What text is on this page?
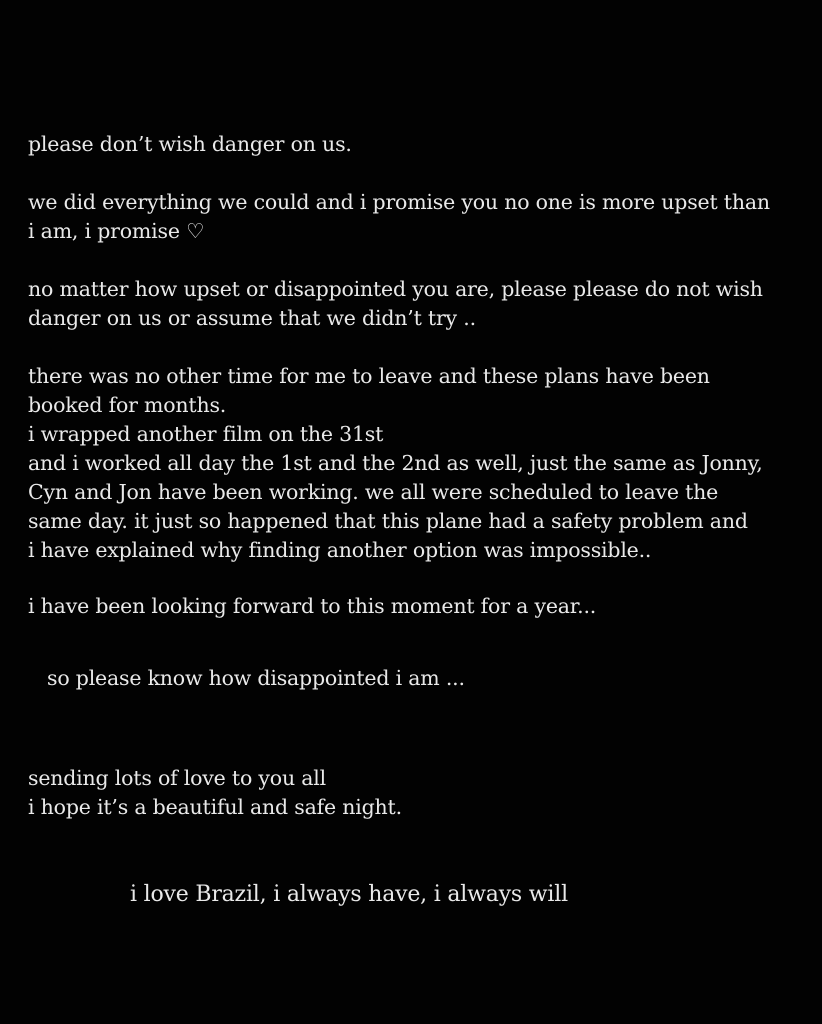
please don’t wish danger on us.
we did everything we could and i promise you no one is more upset than
i am, i promise ♡
no matter how upset or disappointed you are, please please do not wish
danger on us or assume that we didn’t try ..
there was no other time for me to leave and these plans have been
booked for months.
i wrapped another film on the 31st
and i worked all day the 1st and the 2nd as well, just the same as Jonny,
Cyn and Jon have been working. we all were scheduled to leave the
same day. it just so happened that this plane had a safety problem and
i have explained why finding another option was impossible..
i have been looking forward to this moment for a year...
so please know how disappointed i am ...
sending lots of love to you all
i hope it’s a beautiful and safe night.
i love Brazil, i always have, i always will
